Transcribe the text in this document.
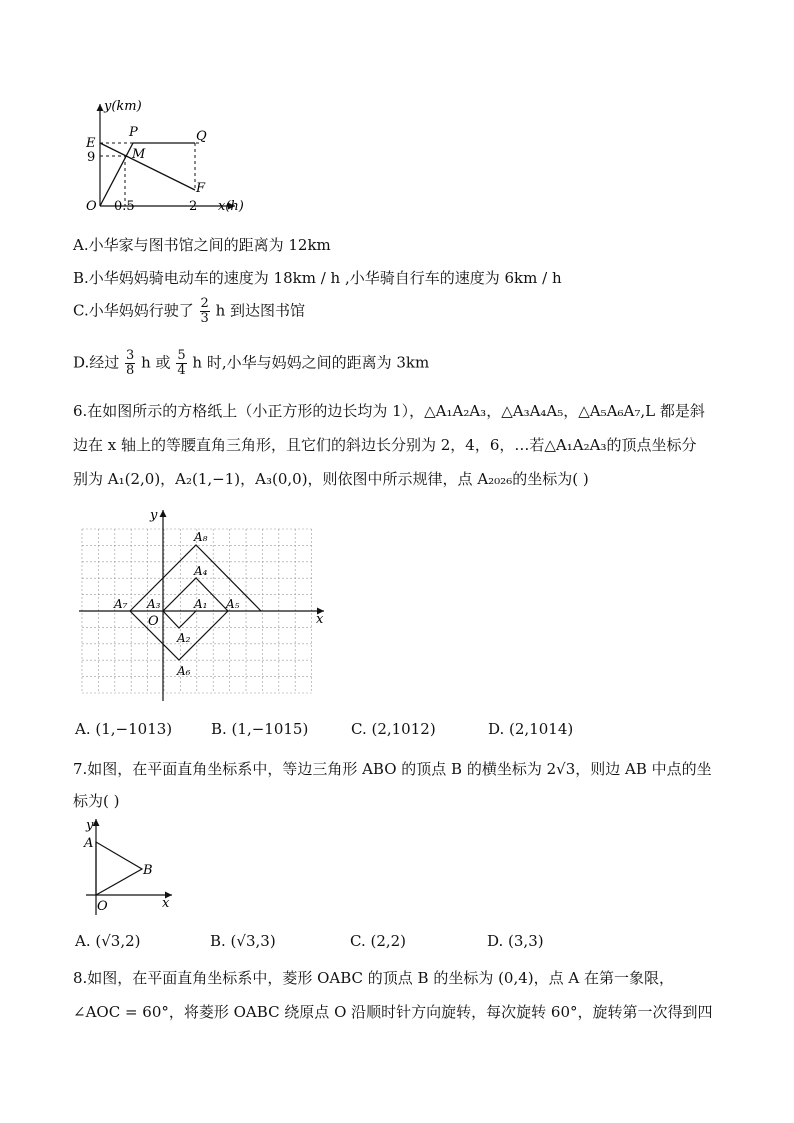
y(km)
x(h)
E
P	Q
M
O
F
9
0.5	2
A.小华家与图书馆之间的距离为 12km
B.小华妈妈骑电动车的速度为 18km / h ,小华骑自行车的速度为 6km / h
C.小华妈妈行驶了 $\frac{2}{3}$ h 到达图书馆
D.经过 $\frac{3}{8}$ h 或 $\frac{5}{4}$ h 时,小华与妈妈之间的距离为 3km
6.在如图所示的方格纸上（小正方形的边长均为 1），△A₁A₂A₃，△A₃A₄A₅，△A₅A₆A₇,L 都是斜
边在 x 轴上的等腰直角三角形，且它们的斜边长分别为 2，4，6，…若△A₁A₂A₃的顶点坐标分
别为 A₁(2,0)，A₂(1,−1)，A₃(0,0)，则依图中所示规律，点 A₂₀₂₆的坐标为( )
y
x
O
A₈
A₄
A₇ A₃	A₁ A₅
A₂
A₆
A. (1,−1013)	B. (1,−1015)	C. (2,1012)	D. (2,1014)
7.如图，在平面直角坐标系中，等边三角形 ABO 的顶点 B 的横坐标为 2√3，则边 AB 中点的坐
标为( )
y
x
A
B
O
A. (√3,2)	B. (√3,3)	C. (2,2)	D. (3,3)
8.如图，在平面直角坐标系中，菱形 OABC 的顶点 B 的坐标为 (0,4)，点 A 在第一象限，
∠AOC = 60°，将菱形 OABC 绕原点 O 沿顺时针方向旋转，每次旋转 60°，旋转第一次得到四
